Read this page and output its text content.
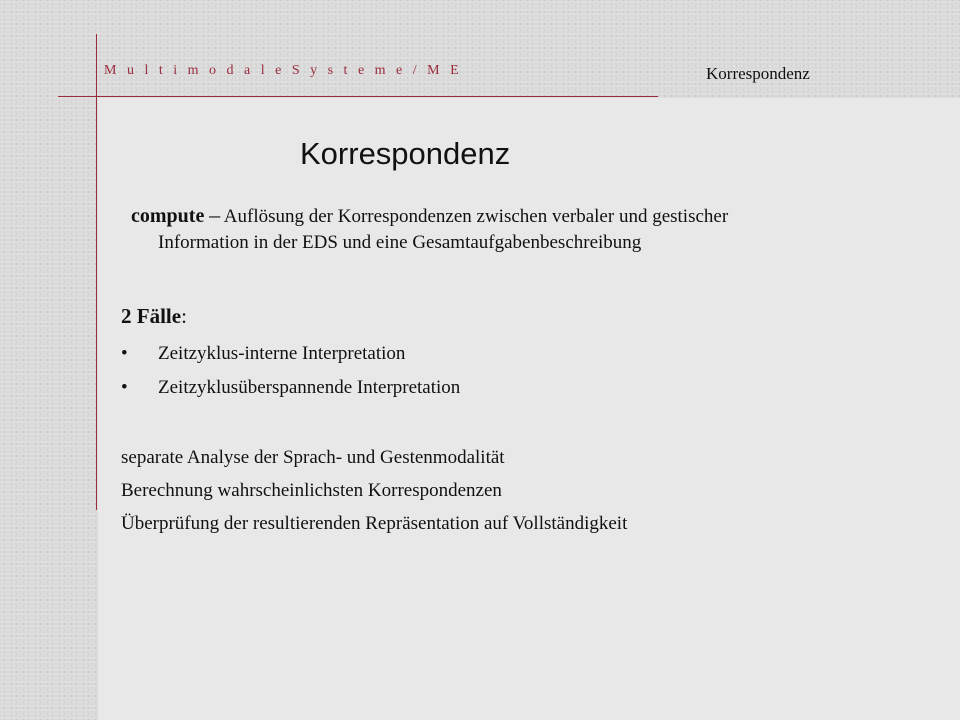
M u l t i m o d a l e S y s t e m e / M E	Korrespondenz
Korrespondenz
compute – Auflösung der Korrespondenzen zwischen verbaler und gestischer
Information in der EDS und eine Gesamtaufgabenbeschreibung
2 Fälle:
• Zeitzyklus-interne Interpretation
• Zeitzyklusüberspannende Interpretation
separate Analyse der Sprach- und Gestenmodalität
Berechnung wahrscheinlichsten Korrespondenzen
Überprüfung der resultierenden Repräsentation auf Vollständigkeit
